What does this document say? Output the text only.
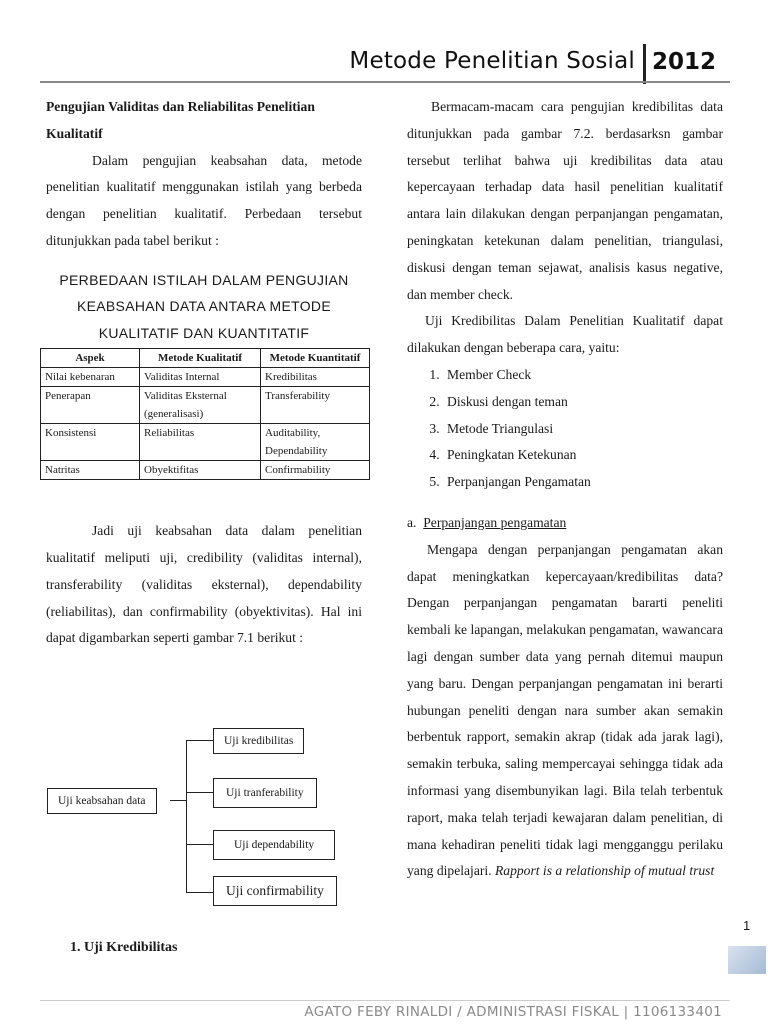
Metode Penelitian Sosial 2012
Pengujian Validitas dan Reliabilitas Penelitian Kualitatif

Dalam pengujian keabsahan data, metode penelitian kualitatif menggunakan istilah yang berbeda dengan penelitian kualitatif. Perbedaan tersebut ditunjukkan pada tabel berikut :

PERBEDAAN ISTILAH DALAM PENGUJIAN KEABSAHAN DATA ANTARA METODE KUALITATIF DAN KUANTITATIF
Aspek	Metode Kualitatif	Metode Kuantitatif
Nilai kebenaran	Validitas Internal	Kredibilitas
Penerapan	Validitas Eksternal (generalisasi)	Transferability
Konsistensi	Reliabilitas	Auditability, Dependability
Natritas	Obyektifitas	Confirmability

Jadi uji keabsahan data dalam penelitian kualitatif meliputi uji, credibility (validitas internal), transferability (validitas eksternal), dependability (reliabilitas), dan confirmability (obyektivitas). Hal ini dapat digambarkan seperti gambar 7.1 berikut :

Uji keabsahan data
Uji kredibilitas
Uji tranferability
Uji dependability
Uji confirmability
1. Uji Kredibilitas

Bermacam-macam cara pengujian kredibilitas data ditunjukkan pada gambar 7.2. berdasarksn gambar tersebut terlihat bahwa uji kredibilitas data atau kepercayaan terhadap data hasil penelitian kualitatif antara lain dilakukan dengan perpanjangan pengamatan, peningkatan ketekunan dalam penelitian, triangulasi, diskusi dengan teman sejawat, analisis kasus negative, dan member check.

Uji Kredibilitas Dalam Penelitian Kualitatif dapat dilakukan dengan beberapa cara, yaitu:

1. Member Check
2. Diskusi dengan teman
3. Metode Triangulasi
4. Peningkatan Ketekunan
5. Perpanjangan Pengamatan
a. Perpanjangan pengamatan

Mengapa dengan perpanjangan pengamatan akan dapat meningkatkan kepercayaan/kredibilitas data? Dengan perpanjangan pengamatan bararti peneliti kembali ke lapangan, melakukan pengamatan, wawancara lagi dengan sumber data yang pernah ditemui maupun yang baru. Dengan perpanjangan pengamatan ini berarti hubungan peneliti dengan nara sumber akan semakin berbentuk rapport, semakin akrap (tidak ada jarak lagi), semakin terbuka, saling mempercayai sehingga tidak ada informasi yang disembunyikan lagi. Bila telah terbentuk raport, maka telah terjadi kewajaran dalam penelitian, di mana kehadiran peneliti tidak lagi mengganggu perilaku yang dipelajari. Rapport is a relationship of mutual trust

1
AGATO FEBY RINALDI / ADMINISTRASI FISKAL | 1106133401
